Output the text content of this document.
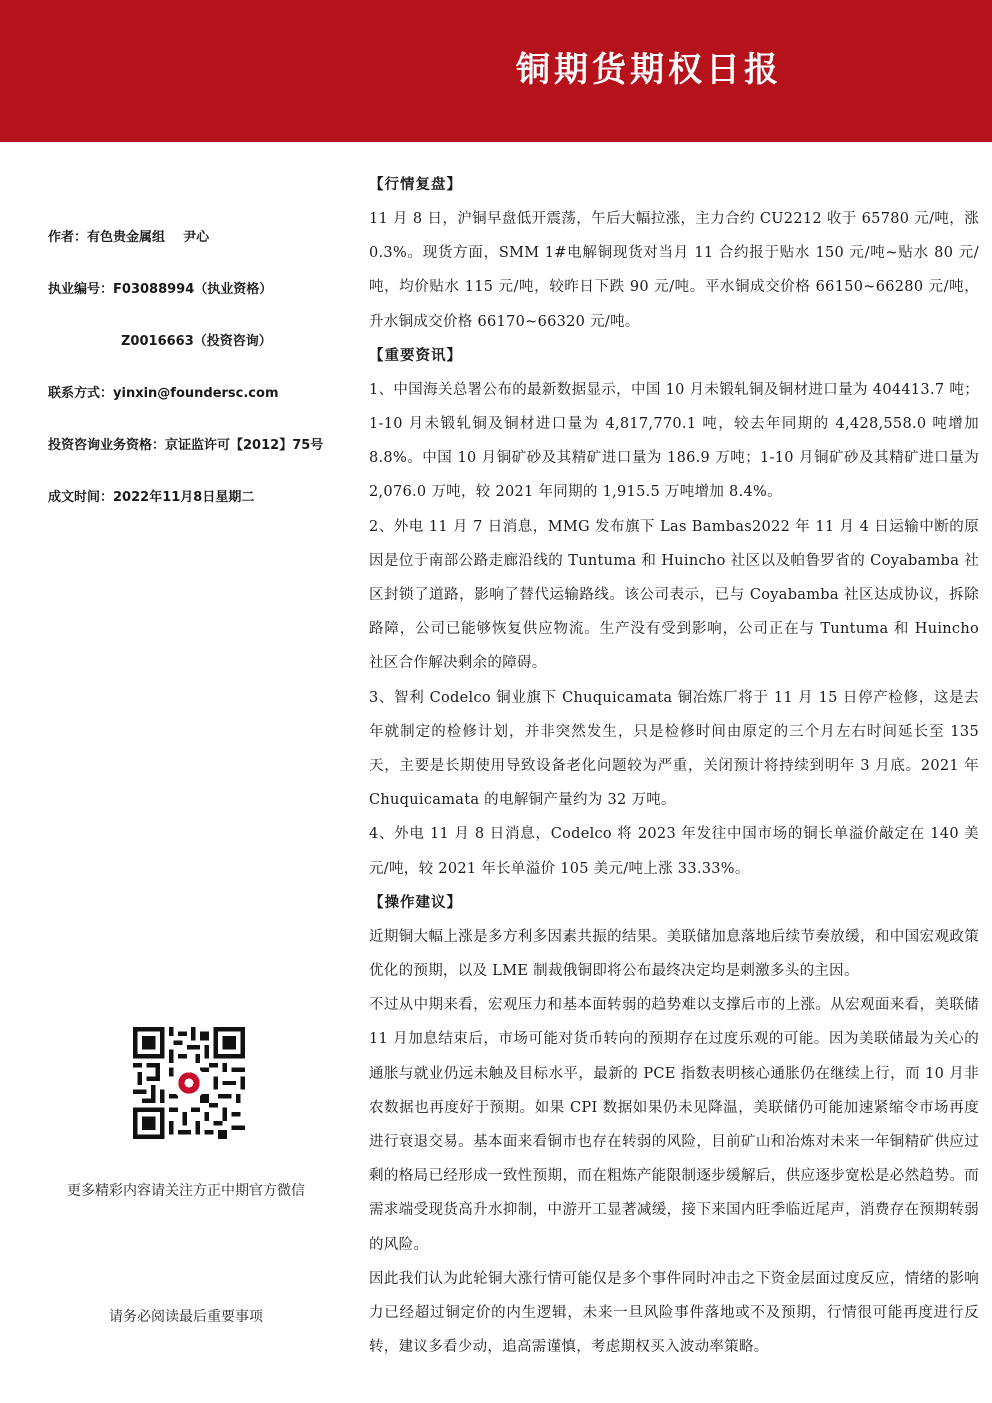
铜期货期权日报
作者：有色贵金属组    尹心
执业编号：F03088994（执业资格）
Z0016663（投资咨询）
联系方式：yinxin@foundersc.com
投资咨询业务资格：京证监许可【2012】75号
成文时间：2022年11月8日星期二
更多精彩内容请关注方正中期官方微信
请务必阅读最后重要事项
【行情复盘】
11 月 8 日，沪铜早盘低开震荡，午后大幅拉涨，主力合约 CU2212 收于 65780 元/吨，涨 0.3%。现货方面，SMM 1#电解铜现货对当月 11 合约报于贴水 150 元/吨~贴水 80 元/吨，均价贴水 115 元/吨，较昨日下跌 90 元/吨。平水铜成交价格 66150~66280 元/吨，升水铜成交价格 66170~66320 元/吨。
【重要资讯】
1、中国海关总署公布的最新数据显示，中国 10 月未锻轧铜及铜材进口量为 404413.7 吨；1-10 月未锻轧铜及铜材进口量为 4,817,770.1 吨，较去年同期的 4,428,558.0 吨增加 8.8%。中国 10 月铜矿砂及其精矿进口量为 186.9 万吨；1-10 月铜矿砂及其精矿进口量为 2,076.0 万吨，较 2021 年同期的 1,915.5 万吨增加 8.4%。
2、外电 11 月 7 日消息，MMG 发布旗下 Las Bambas2022 年 11 月 4 日运输中断的原因是位于南部公路走廊沿线的 Tuntuma 和 Huincho 社区以及帕鲁罗省的 Coyabamba 社区封锁了道路，影响了替代运输路线。该公司表示，已与 Coyabamba 社区达成协议，拆除路障，公司已能够恢复供应物流。生产没有受到影响，公司正在与 Tuntuma 和 Huincho 社区合作解决剩余的障碍。
3、智利 Codelco 铜业旗下 Chuquicamata 铜冶炼厂将于 11 月 15 日停产检修，这是去年就制定的检修计划，并非突然发生，只是检修时间由原定的三个月左右时间延长至 135 天，主要是长期使用导致设备老化问题较为严重，关闭预计将持续到明年 3 月底。2021 年 Chuquicamata 的电解铜产量约为 32 万吨。
4、外电 11 月 8 日消息，Codelco 将 2023 年发往中国市场的铜长单溢价敲定在 140 美元/吨，较 2021 年长单溢价 105 美元/吨上涨 33.33%。
【操作建议】
近期铜大幅上涨是多方利多因素共振的结果。美联储加息落地后续节奏放缓，和中国宏观政策优化的预期，以及 LME 制裁俄铜即将公布最终决定均是刺激多头的主因。
不过从中期来看，宏观压力和基本面转弱的趋势难以支撑后市的上涨。从宏观面来看，美联储 11 月加息结束后，市场可能对货币转向的预期存在过度乐观的可能。因为美联储最为关心的通胀与就业仍远未触及目标水平，最新的 PCE 指数表明核心通胀仍在继续上行，而 10 月非农数据也再度好于预期。如果 CPI 数据如果仍未见降温，美联储仍可能加速紧缩令市场再度进行衰退交易。基本面来看铜市也存在转弱的风险，目前矿山和冶炼对未来一年铜精矿供应过剩的格局已经形成一致性预期，而在粗炼产能限制逐步缓解后，供应逐步宽松是必然趋势。而需求端受现货高升水抑制，中游开工显著减缓，接下来国内旺季临近尾声，消费存在预期转弱的风险。
因此我们认为此轮铜大涨行情可能仅是多个事件同时冲击之下资金层面过度反应，情绪的影响力已经超过铜定价的内生逻辑，未来一旦风险事件落地或不及预期，行情很可能再度进行反转，建议多看少动，追高需谨慎，考虑期权买入波动率策略。
